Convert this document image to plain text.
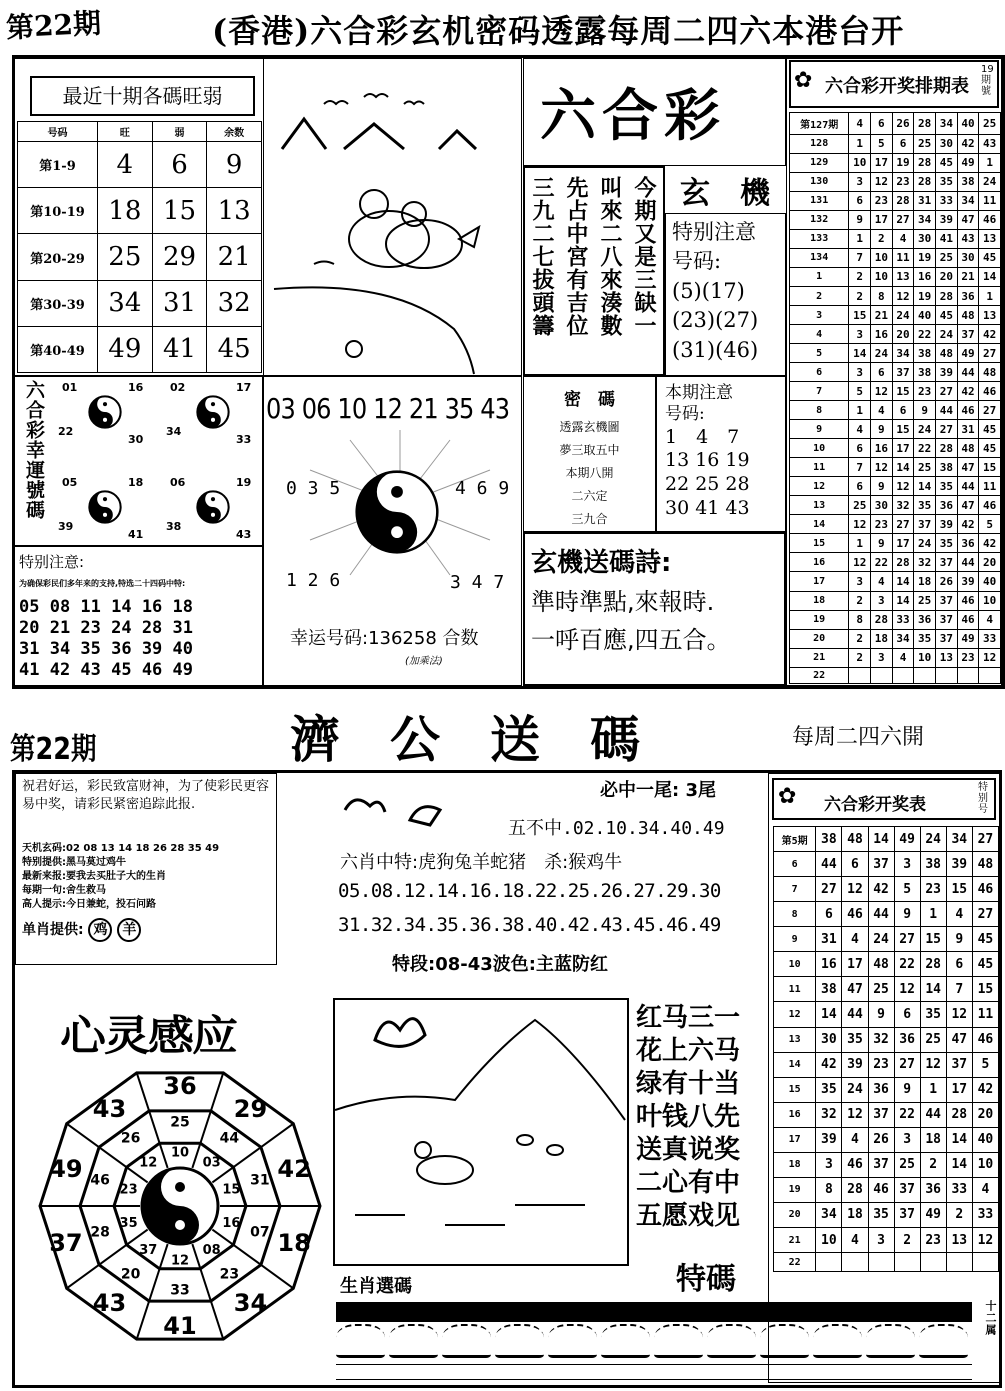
第22期	(香港)六合彩玄机密码透露每周二四六本港台开
最近十期各碼旺弱
号码	旺	弱	余数
第1-9	4	6	9
第10-19	18	15	13
第20-29	25	29	21
第30-39	34	31	32
第40-49	49	41	45
六合彩
玄　機
今期又是三缺一
叫來二八來湊數
先占中宮有吉位
三九二七拔頭籌	特别注意
号码:
(5)(17)
(23)(27)
(31)(46)
✿ 六合彩开奖排期表
19期號
第127期	4	6	26	28	34	40	25
128	1	5	6	25	30	42	43
129	10	17	19	28	45	49	1
130	3	12	23	28	35	38	24
131	6	23	28	31	33	34	11
132	9	17	27	34	39	47	46
133	1	2	4	30	41	43	13
134	7	10	11	19	25	30	45
1	2	10	13	16	20	21	14
2	2	8	12	19	28	36	1
3	15	21	24	40	45	48	13
4	3	16	20	22	24	37	42
5	14	24	34	38	48	49	27
6	3	6	37	38	39	44	48
7	5	12	15	23	27	42	46
8	1	4	6	9	44	46	27
9	4	9	15	24	27	31	45
10	6	16	17	22	28	48	45
11	7	12	14	25	38	47	15
12	6	9	12	14	35	44	11
13	25	30	32	35	36	47	46
14	12	23	27	37	39	42	5
15	1	9	17	24	35	36	42
16	12	22	28	32	37	44	20
17	3	4	14	18	26	39	40
18	2	3	14	25	37	46	10
19	8	28	33	36	37	46	4
20	2	18	34	35	37	49	33
21	2	3	4	10	13	23	12
22							
六合彩幸運號碼 01	16
22
30
02	17
34
33
05	18
39
41
06	19
38
43
03 06 10 12 21 35 43
0 3 5	4 6 9
1 2 6	3 4 7
幸运号码:136258 合数
(加乘法)
密　碼
透露玄機圖
夢三取五中
本期八開
二六定
三九合
本期注意
号码:
1　4　7
13 16 19
22 25 28
30 41 43
玄機送碼詩:
準時準點,來報時.
一呼百應,四五合。
特别注意:
为确保彩民们多年来的支持,特选二十四码中特:
05 08 11 14 16 18
20 21 23 24 28 31
31 34 35 36 39 40
41 42 43 45 46 49
第22期	濟　公　送　碼	每周二四六開
祝君好运，彩民致富财神，为了使彩民更容易中奖，请彩民紧密追踪此报.
天机玄码:02 08 13 14 18 26 28 35 49
特别提供:黑马莫过鸡牛
最新来报:要我去买肚子大的生肖
每期一句:舍生救马
高人提示:今日兼蛇，投石问路
单肖提供: 鸡 羊
必中一尾: 3尾
五不中.02.10.34.40.49
六肖中特:虎狗兔羊蛇猪　杀:猴鸡牛
05.08.12.14.16.18.22.25.26.27.29.30
31.32.34.35.36.38.40.42.43.45.46.49
特段:08-43波色:主蓝防红
✿ 六合彩开奖表
特别号
第5期	38	48	14	49	24	34	27
6	44	6	37	3	38	39	48
7	27	12	42	5	23	15	46
8	6	46	44	9	1	4	27
9	31	4	24	27	15	9	45
10	16	17	48	22	28	6	45
11	38	47	25	12	14	7	15
12	14	44	9	6	35	12	11
13	30	35	32	36	25	47	46
14	42	39	23	27	12	37	5
15	35	24	36	9	1	17	42
16	32	12	37	22	44	28	20
17	39	4	26	3	18	14	40
18	3	46	37	25	2	14	10
19	8	28	46	37	36	33	4
20	34	18	35	37	49	2	33
21	10	4	3	2	23	13	12
22							
心灵感应
29
42
18
34
41
43
37
49
43
36
44
31
07
23
33
20
28
46
26
25
03
15
16
08
12
37
35
23
12
10
红马三一
花上六马
绿有十当
叶钱八先
送真说奖
二心有中
五愿戏见
特碼
生肖選碼
十二属
